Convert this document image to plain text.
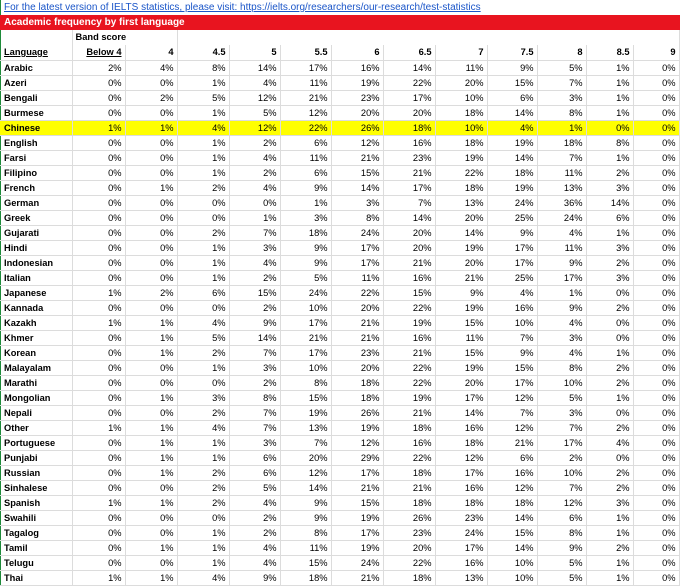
For the latest version of IELTS statistics, please visit: https://ielts.org/researchers/our-research/test-statistics
Academic frequency by first language
	Band score											
Language	Below 4	4	4.5	5	5.5	6	6.5	7	7.5	8	8.5	9
Arabic	2%	4%	8%	14%	17%	16%	14%	11%	9%	5%	1%	0%
Azeri	0%	0%	1%	4%	11%	19%	22%	20%	15%	7%	1%	0%
Bengali	0%	2%	5%	12%	21%	23%	17%	10%	6%	3%	1%	0%
Burmese	0%	0%	1%	5%	12%	20%	20%	18%	14%	8%	1%	0%
Chinese	1%	1%	4%	12%	22%	26%	18%	10%	4%	1%	0%	0%
English	0%	0%	1%	2%	6%	12%	16%	18%	19%	18%	8%	0%
Farsi	0%	0%	1%	4%	11%	21%	23%	19%	14%	7%	1%	0%
Filipino	0%	0%	1%	2%	6%	15%	21%	22%	18%	11%	2%	0%
French	0%	1%	2%	4%	9%	14%	17%	18%	19%	13%	3%	0%
German	0%	0%	0%	0%	1%	3%	7%	13%	24%	36%	14%	0%
Greek	0%	0%	0%	1%	3%	8%	14%	20%	25%	24%	6%	0%
Gujarati	0%	0%	2%	7%	18%	24%	20%	14%	9%	4%	1%	0%
Hindi	0%	0%	1%	3%	9%	17%	20%	19%	17%	11%	3%	0%
Indonesian	0%	0%	1%	4%	9%	17%	21%	20%	17%	9%	2%	0%
Italian	0%	0%	1%	2%	5%	11%	16%	21%	25%	17%	3%	0%
Japanese	1%	2%	6%	15%	24%	22%	15%	9%	4%	1%	0%	0%
Kannada	0%	0%	0%	2%	10%	20%	22%	19%	16%	9%	2%	0%
Kazakh	1%	1%	4%	9%	17%	21%	19%	15%	10%	4%	0%	0%
Khmer	0%	1%	5%	14%	21%	21%	16%	11%	7%	3%	0%	0%
Korean	0%	1%	2%	7%	17%	23%	21%	15%	9%	4%	1%	0%
Malayalam	0%	0%	1%	3%	10%	20%	22%	19%	15%	8%	2%	0%
Marathi	0%	0%	0%	2%	8%	18%	22%	20%	17%	10%	2%	0%
Mongolian	0%	1%	3%	8%	15%	18%	19%	17%	12%	5%	1%	0%
Nepali	0%	0%	2%	7%	19%	26%	21%	14%	7%	3%	0%	0%
Other	1%	1%	4%	7%	13%	19%	18%	16%	12%	7%	2%	0%
Portuguese	0%	1%	1%	3%	7%	12%	16%	18%	21%	17%	4%	0%
Punjabi	0%	1%	1%	6%	20%	29%	22%	12%	6%	2%	0%	0%
Russian	0%	1%	2%	6%	12%	17%	18%	17%	16%	10%	2%	0%
Sinhalese	0%	0%	2%	5%	14%	21%	21%	16%	12%	7%	2%	0%
Spanish	1%	1%	2%	4%	9%	15%	18%	18%	18%	12%	3%	0%
Swahili	0%	0%	0%	2%	9%	19%	26%	23%	14%	6%	1%	0%
Tagalog	0%	0%	1%	2%	8%	17%	23%	24%	15%	8%	1%	0%
Tamil	0%	1%	1%	4%	11%	19%	20%	17%	14%	9%	2%	0%
Telugu	0%	0%	1%	4%	15%	24%	22%	16%	10%	5%	1%	0%
Thai	1%	1%	4%	9%	18%	21%	18%	13%	10%	5%	1%	0%
